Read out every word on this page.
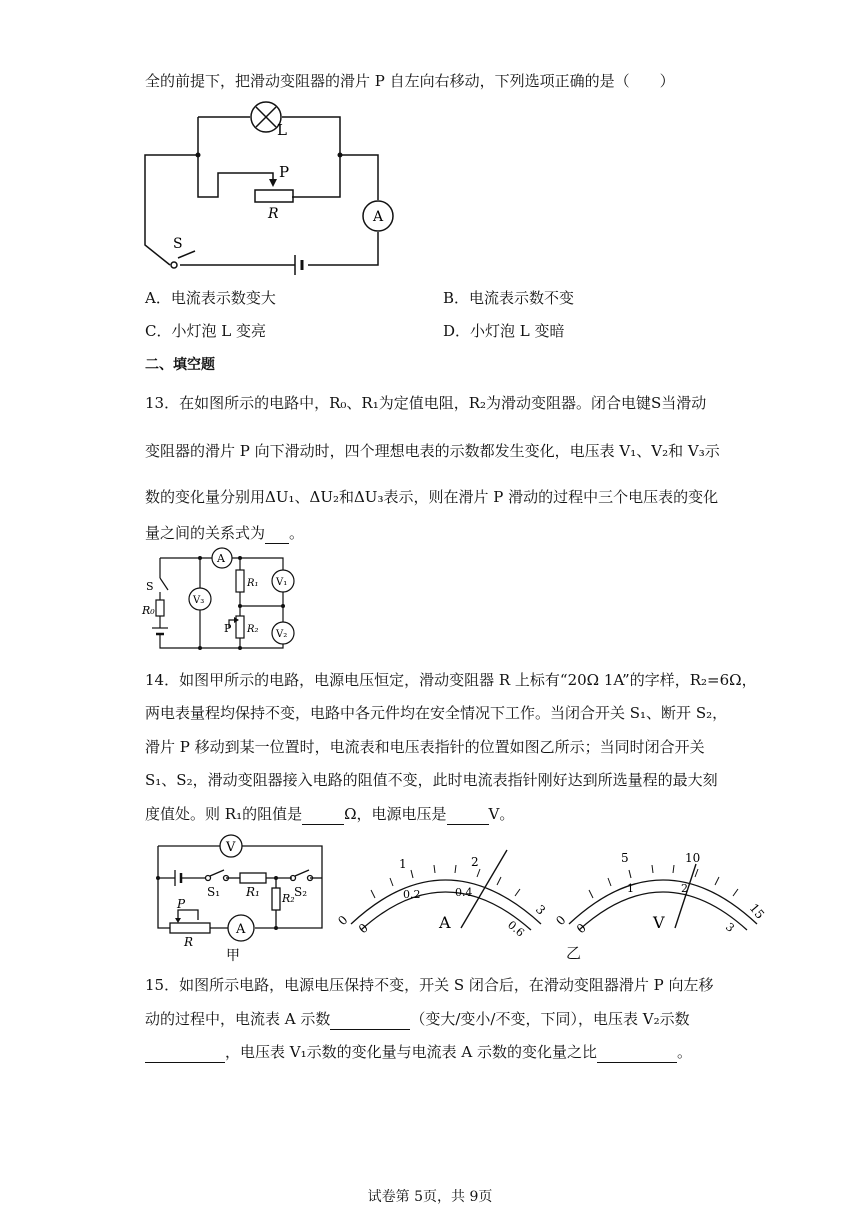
全的前提下，把滑动变阻器的滑片 P 自左向右移动，下列选项正确的是（　　）
L
P
R	A
S
A．电流表示数变大	B．电流表示数不变
C．小灯泡 L 变亮	D．小灯泡 L 变暗
二、填空题
13．在如图所示的电路中，R₀、R₁为定值电阻，R₂为滑动变阻器。闭合电键S当滑动
变阻器的滑片 P 向下滑动时，四个理想电表的示数都发生变化，电压表 V₁、V₂和 V₃示
数的变化量分别用ΔU₁、ΔU₂和ΔU₃表示，则在滑片 P 滑动的过程中三个电压表的变化
量之间的关系式为 。
A
S
R₀
V₃
R₁ V₁
P R₂ V₂
14．如图甲所示的电路，电源电压恒定，滑动变阻器 R 上标有“20Ω 1A”的字样，R₂=6Ω，
两电表量程均保持不变，电路中各元件均在安全情况下工作。当闭合开关 S₁、断开 S₂，
滑片 P 移动到某一位置时，电流表和电压表指针的位置如图乙所示；当同时闭合开关
S₁、S₂，滑动变阻器接入电路的阻值不变，此时电流表指针刚好达到所选量程的最大刻
度值处。则 R₁的阻值是	Ω，电源电压是	V。
V
S₁ R₁	S₂
R₂
P
R
A
甲
0
1	2
3
0
0.2	0.4
0.6
A	0
5	10
15
0
1	2
3
V
乙
15．如图所示电路，电源电压保持不变，开关 S 闭合后，在滑动变阻器滑片 P 向左移
动的过程中，电流表 A 示数	（变大/变小/不变，下同），电压表 V₂示数
，电压表 V₁示数的变化量与电流表 A 示数的变化量之比	。
试卷第 5页，共 9页
